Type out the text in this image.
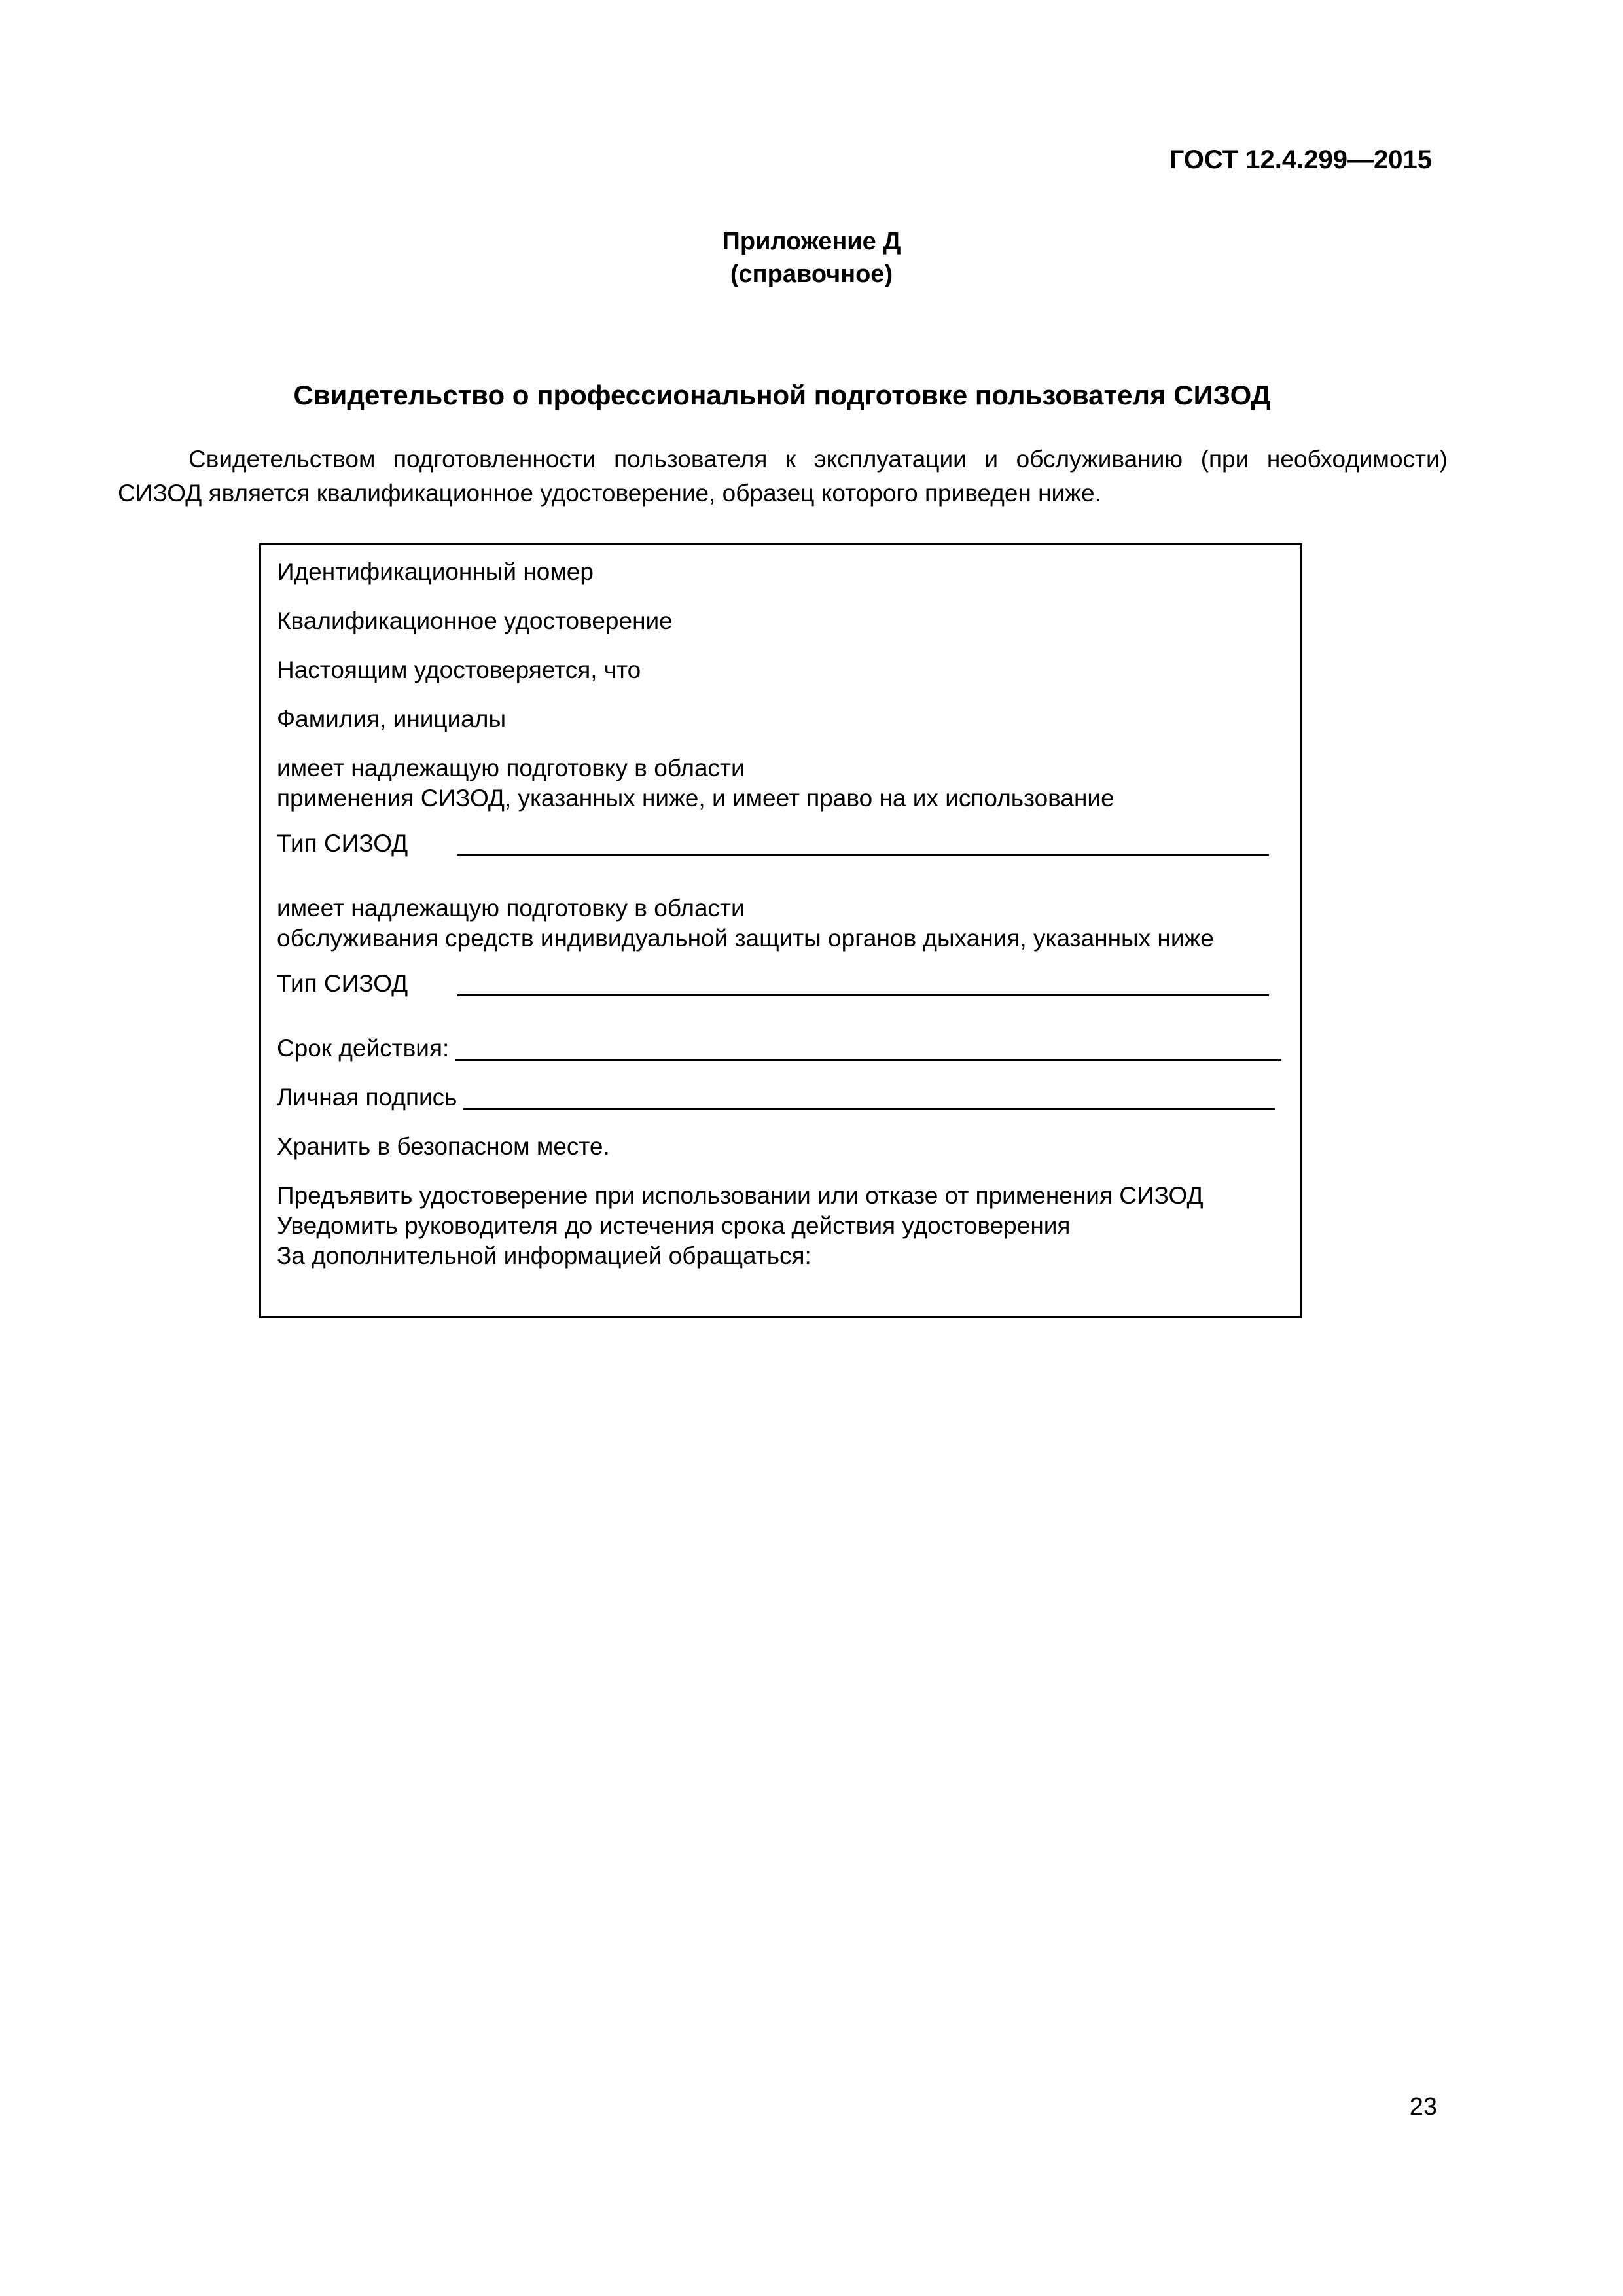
ГОСТ 12.4.299—2015
Приложение Д
(справочное)
Свидетельство о профессиональной подготовке пользователя СИЗОД

Свидетельством подготовленности пользователя к эксплуатации и обслуживанию (при необходимости) СИЗОД является квалификационное удостоверение, образец которого приведен ниже.

Идентификационный номер

Квалификационное удостоверение

Настоящим удостоверяется, что

Фамилия, инициалы

имеет надлежащую подготовку в области
применения СИЗОД, указанных ниже, и имеет право на их использование

Тип СИЗОД

имеет надлежащую подготовку в области
обслуживания средств индивидуальной защиты органов дыхания, указанных ниже

Тип СИЗОД
Срок действия:
Личная подпись

Хранить в безопасном месте.

Предъявить удостоверение при использовании или отказе от применения СИЗОД
Уведомить руководителя до истечения срока действия удостоверения
За дополнительной информацией обращаться:

23
